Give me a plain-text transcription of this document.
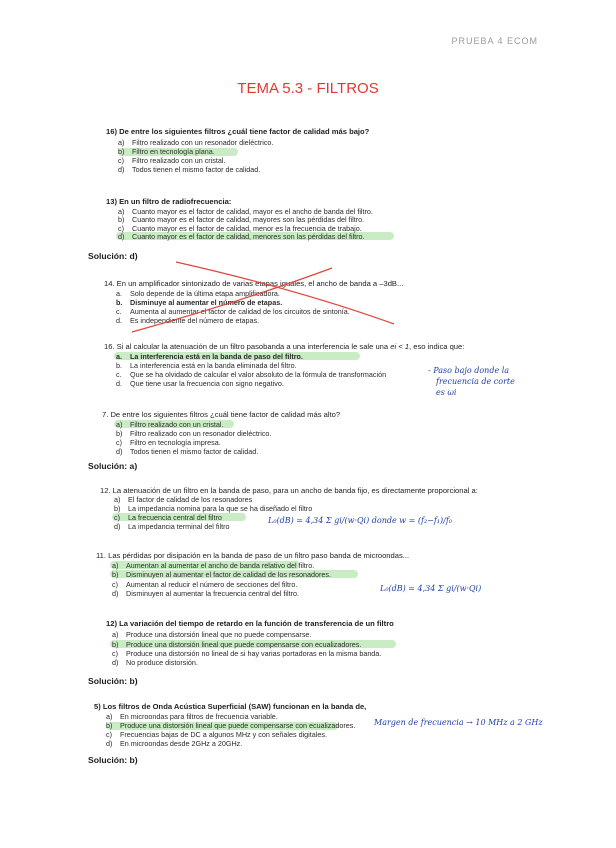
PRUEBA 4 ECOM
TEMA 5.3 - FILTROS
16) De entre los siguientes filtros ¿cuál tiene factor de calidad más bajo?
a) Filtro realizado con un resonador dieléctrico.
b) Filtro en tecnología plana.
c) Filtro realizado con un cristal.
d) Todos tienen el mismo factor de calidad.
13) En un filtro de radiofrecuencia:
a) Cuanto mayor es el factor de calidad, mayor es el ancho de banda del filtro.
b) Cuanto mayor es el factor de calidad, mayores son las pérdidas del filtro.
c) Cuanto mayor es el factor de calidad, menor es la frecuencia de trabajo.
d) Cuanto mayor es el factor de calidad, menores son las pérdidas del filtro.
Solución: d)
14. En un amplificador sintonizado de varias etapas iguales, el ancho de banda a –3dB...
a. Solo depende de la última etapa amplificadora.
b. Disminuye al aumentar el número de etapas.
c. Aumenta al aumentar el factor de calidad de los circuitos de sintonía.
d. Es independiente del número de etapas.
16. Si al calcular la atenuación de un filtro pasobanda a una interferencia le sale una ei < 1, eso indica que:
a. La interferencia está en la banda de paso del filtro.
b. La interferencia está en la banda eliminada del filtro.
c. Que se ha olvidado de calcular el valor absoluto de la fórmula de transformación
d. Que tiene usar la frecuencia con signo negativo.
- Paso bajo donde la
frecuencia de corte
es ωi
7. De entre los siguientes filtros ¿cuál tiene factor de calidad más alto?
a) Filtro realizado con un cristal.
b) Filtro realizado con un resonador dieléctrico.
c) Filtro en tecnología impresa.
d) Todos tienen el mismo factor de calidad.
Solución: a)
12. La atenuación de un filtro en la banda de paso, para un ancho de banda fijo, es directamente proporcional a:
a) El factor de calidad de los resonadores
b) La impedancia nomina para la que se ha diseñado el filtro
c) La frecuencia central del filtro
d) La impedancia terminal del filtro
L₀(dB) = 4,34 Σ gi/(w·Qi) donde w = (f₂−f₁)/f₀
11. Las pérdidas por disipación en la banda de paso de un filtro paso banda de microondas...
a) Aumentan al aumentar el ancho de banda relativo del filtro.
b) Disminuyen al aumentar el factor de calidad de los resonadores.
c) Aumentan al reducir el número de secciones del filtro.
d) Disminuyen al aumentar la frecuencia central del filtro.
L₀(dB) = 4,34 Σ gi/(w·Qi)
12) La variación del tiempo de retardo en la función de transferencia de un filtro
a) Produce una distorsión lineal que no puede compensarse.
b) Produce una distorsión lineal que puede compensarse con ecualizadores.
c) Produce una distorsión no lineal de si hay varias portadoras en la misma banda.
d) No produce distorsión.
Solución: b)
5) Los filtros de Onda Acústica Superficial (SAW) funcionan en la banda de,
a) En microondas para filtros de frecuencia variable.
b) Produce una distorsión lineal que puede compensarse con ecualizadores.
c) Frecuencias bajas de DC a algunos MHz y con señales digitales.
d) En microondas desde 2GHz a 20GHz.
Margen de frecuencia → 10 MHz a 2 GHz
Solución: b)
